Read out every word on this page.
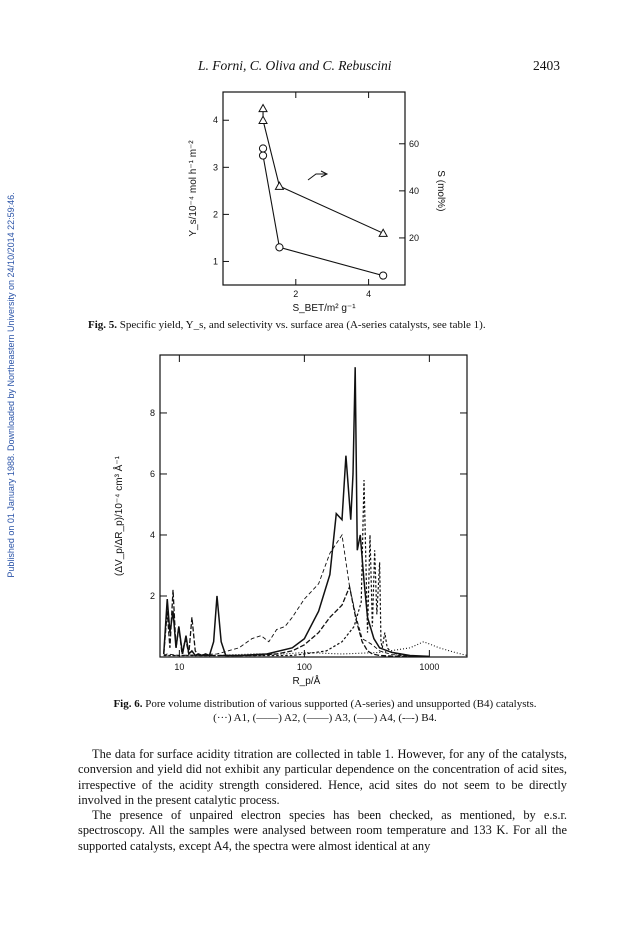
Published on 01 January 1988. Downloaded by Northeastern University on 24/10/2014 22:59:46.
L. Forni, C. Oliva and C. Rebuscini	2403
2	4
1
2
3
4
20
40
60
Y_s/10⁻⁴ mol h⁻¹ m⁻²	S (mol%)
S_BET/m² g⁻¹
Fig. 5. Specific yield, Y_s, and selectivity vs. surface area (A-series catalysts, see table 1).
10	100	1000
2
4
6
8
(ΔV_p/ΔR_p)/10⁻⁴ cm³ Å⁻¹
R_p/Å
Fig. 6. Pore volume distribution of various supported (A-series) and unsupported (B4) catalysts.
(···) A1, (——) A2, (——) A3, (–––) A4, (-–-) B4.

The data for surface acidity titration are collected in table 1. However, for any of the catalysts, conversion and yield did not exhibit any particular dependence on the concentration of acid sites, irrespective of the acidity strength considered. Hence, acid sites do not seem to be directly involved in the present catalytic process.

The presence of unpaired electron species has been checked, as mentioned, by e.s.r. spectroscopy. All the samples were analysed between room temperature and 133 K. For all the supported catalysts, except A4, the spectra were almost identical at any
